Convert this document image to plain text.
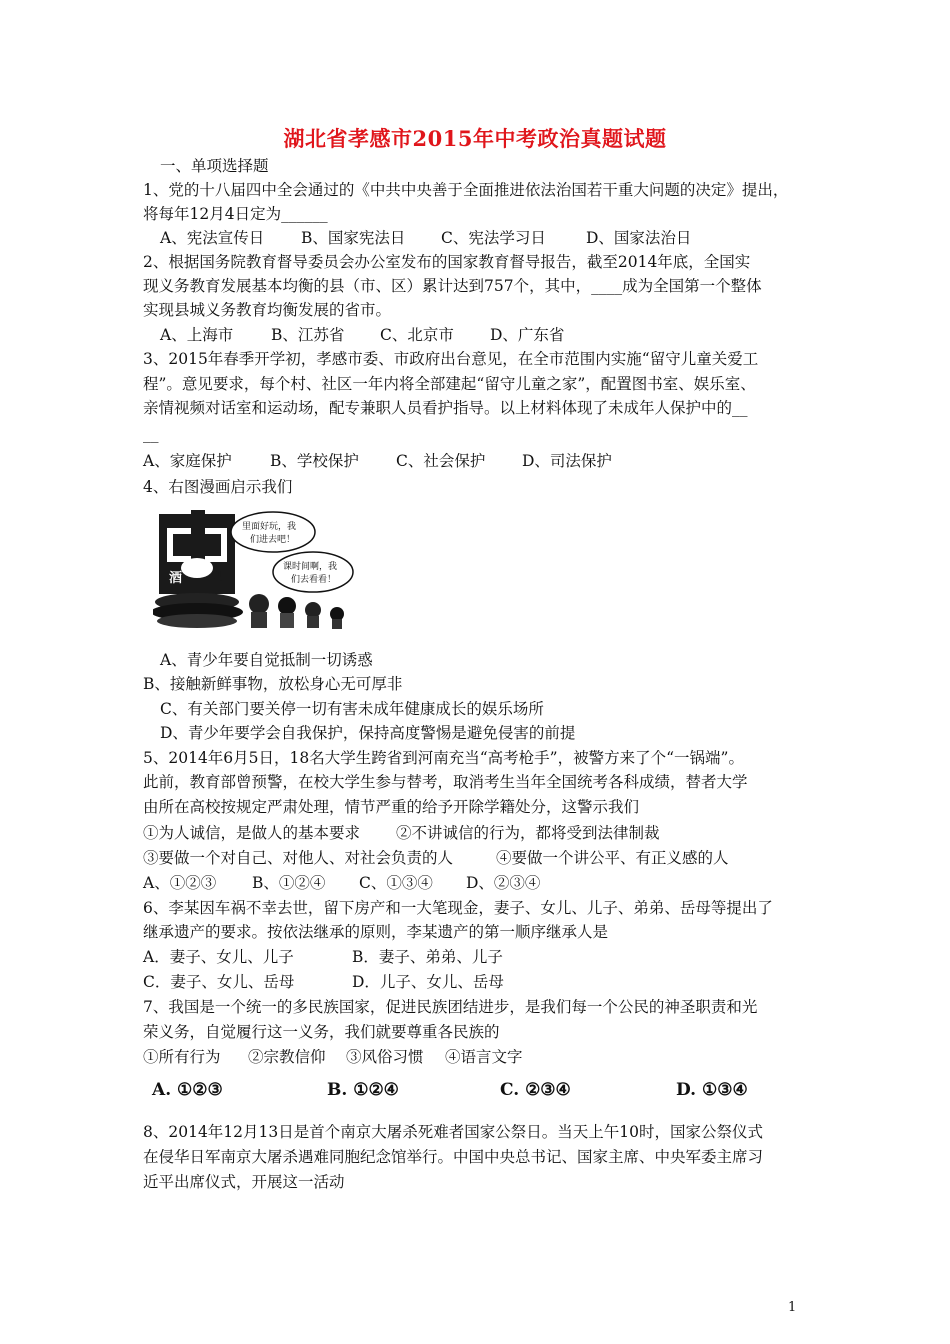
湖北省孝感市2015年中考政治真题试题
一、单项选择题
1、党的十八届四中全会通过的《中共中央善于全面推进依法治国若干重大问题的决定》提出，
将每年12月4日定为______
A、宪法宣传日 B、国家宪法日 C、宪法学习日	D、国家法治日
2、根据国务院教育督导委员会办公室发布的国家教育督导报告，截至2014年底，全国实
现义务教育发展基本均衡的县（市、区）累计达到757个，其中，____成为全国第一个整体
实现县城义务教育均衡发展的省市。
A、上海市 B、江苏省 C、北京市 D、广东省
3、2015年春季开学初，孝感市委、市政府出台意见，在全市范围内实施“留守儿童关爱工
程”。意见要求，每个村、社区一年内将全部建起“留守儿童之家”，配置图书室、娱乐室、
亲情视频对话室和运动场，配专兼职人员看护指导。以上材料体现了未成年人保护中的__
__
A、家庭保护 B、学校保护 C、社会保护 D、司法保护
4、右图漫画启示我们
酒	吧
里面好玩，我
们进去吧！
课时间啊，我
们去看看！
A、青少年要自觉抵制一切诱惑
B、接触新鲜事物，放松身心无可厚非
C、有关部门要关停一切有害未成年健康成长的娱乐场所
D、青少年要学会自我保护，保持高度警惕是避免侵害的前提
5、2014年6月5日，18名大学生跨省到河南充当“高考枪手”，被警方来了个“一锅端”。
此前，教育部曾预警，在校大学生参与替考，取消考生当年全国统考各科成绩，替者大学
由所在高校按规定严肃处理，情节严重的给予开除学籍处分，这警示我们
①为人诚信，是做人的基本要求 ②不讲诚信的行为，都将受到法律制裁
③要做一个对自己、对他人、对社会负责的人	④要做一个讲公平、有正义感的人
A、①②③ B、①②④ C、①③④ D、②③④
6、李某因车祸不幸去世，留下房产和一大笔现金，妻子、女儿、儿子、弟弟、岳母等提出了
继承遗产的要求。按依法继承的原则，李某遗产的第一顺序继承人是
A．妻子、女儿、儿子	B．妻子、弟弟、儿子
C．妻子、女儿、岳母	D．儿子、女儿、岳母
7、我国是一个统一的多民族国家，促进民族团结进步，是我们每一个公民的神圣职责和光
荣义务，自觉履行这一义务，我们就要尊重各民族的
①所有行为 ②宗教信仰 ③风俗习惯 ④语言文字
A. ①②③	B. ①②④	C. ②③④	D. ①③④
8、2014年12月13日是首个南京大屠杀死难者国家公祭日。当天上午10时，国家公祭仪式
在侵华日军南京大屠杀遇难同胞纪念馆举行。中国中央总书记、国家主席、中央军委主席习
近平出席仪式，开展这一活动
1
